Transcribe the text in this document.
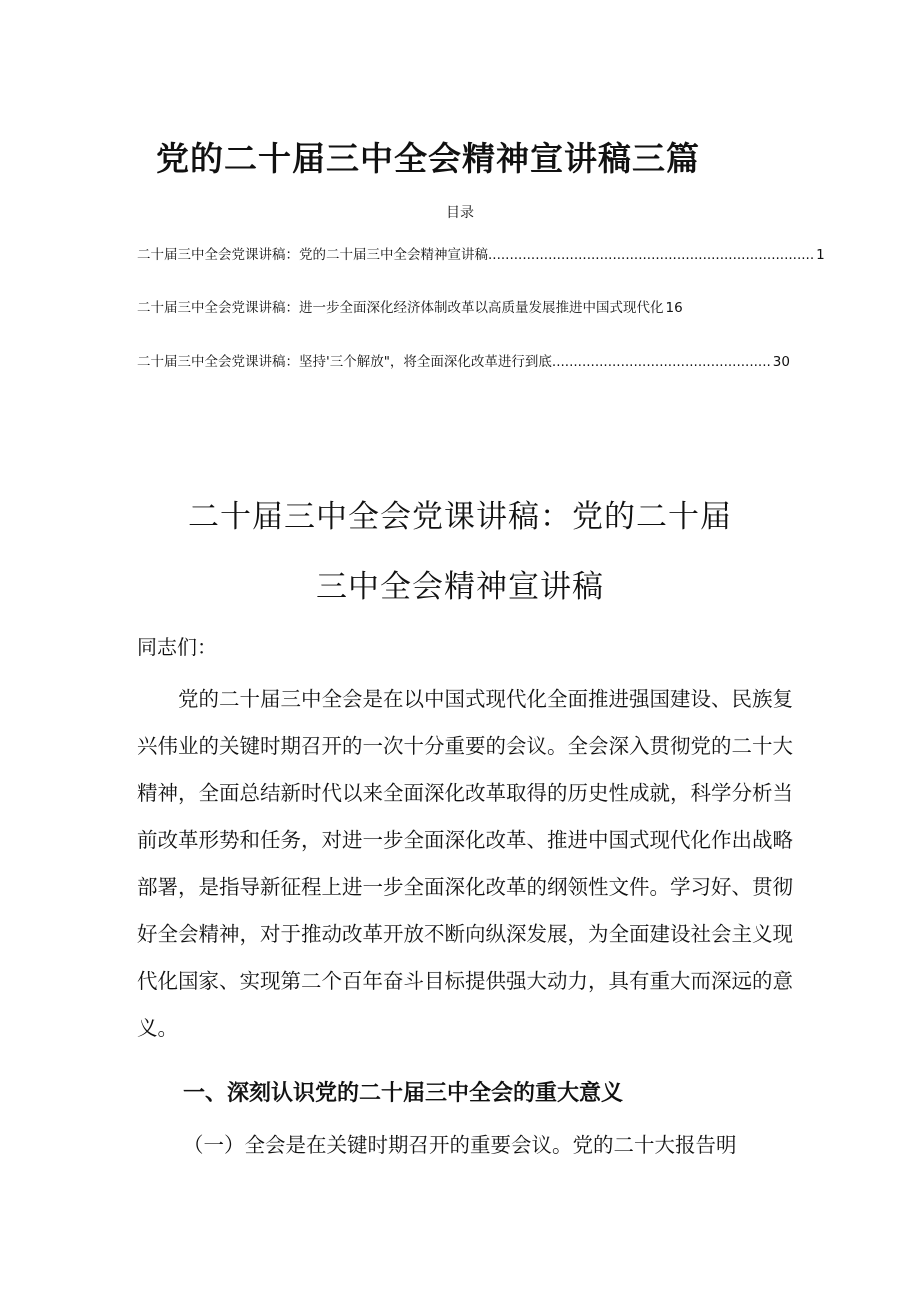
党的二十届三中全会精神宣讲稿三篇
目录
二十届三中全会党课讲稿：党的二十届三中全会精神宣讲稿............................................................................ 1
二十届三中全会党课讲稿：进一步全面深化经济体制改革以高质量发展推进中国式现代化 16
二十届三中全会党课讲稿：坚持'三个解放"，将全面深化改革进行到底................................................... 30
二十届三中全会党课讲稿：党的二十届
三中全会精神宣讲稿
同志们：

党的二十届三中全会是在以中国式现代化全面推进强国建设、民族复兴伟业的关键时期召开的一次十分重要的会议。全会深入贯彻党的二十大精神，全面总结新时代以来全面深化改革取得的历史性成就，科学分析当前改革形势和任务，对进一步全面深化改革、推进中国式现代化作出战略部署，是指导新征程上进一步全面深化改革的纲领性文件。学习好、贯彻好全会精神，对于推动改革开放不断向纵深发展，为全面建设社会主义现代化国家、实现第二个百年奋斗目标提供强大动力，具有重大而深远的意义。

一、深刻认识党的二十届三中全会的重大意义

（一）全会是在关键时期召开的重要会议。党的二十大报告明
